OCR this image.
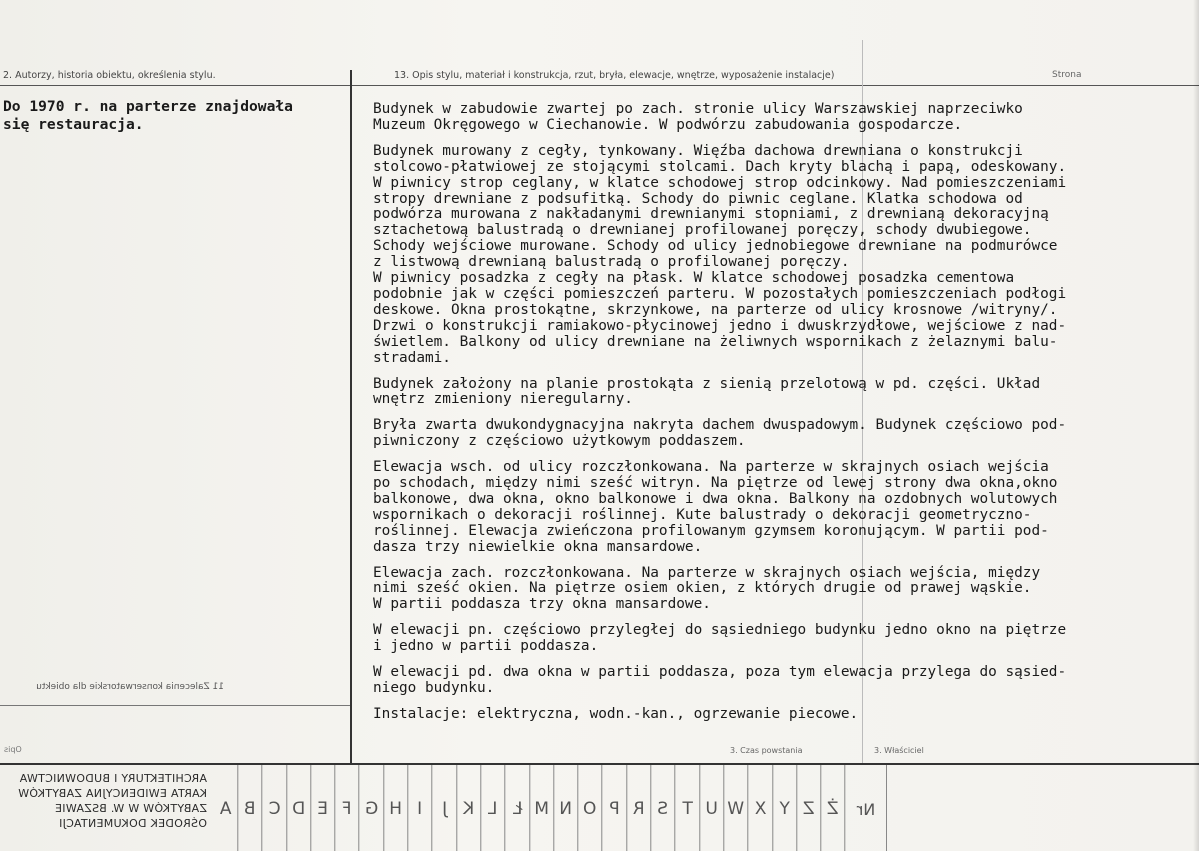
2. Autorzy, historia obiektu, określenia stylu.	13. Opis stylu, materiał i konstrukcja, rzut, bryła, elewacje, wnętrze, wyposażenie instalacje)	Strona
Do 1970 r. na parterze znajdowała
się restauracja.

Budynek w zabudowie zwartej po zach. stronie ulicy Warszawskiej naprzeciwko
Muzeum Okręgowego w Ciechanowie. W podwórzu zabudowania gospodarcze.

Budynek murowany z cegły, tynkowany. Więźba dachowa drewniana o konstrukcji
stolcowo-płatwiowej ze stojącymi stolcami. Dach kryty blachą i papą, odeskowany.
W piwnicy strop ceglany, w klatce schodowej strop odcinkowy. Nad pomieszczeniami
stropy drewniane z podsufitką. Schody do piwnic ceglane. Klatka schodowa od
podwórza murowana z nakładanymi drewnianymi stopniami, z drewnianą dekoracyjną
sztachetową balustradą o drewnianej profilowanej poręczy, schody dwubiegowe.
Schody wejściowe murowane. Schody od ulicy jednobiegowe drewniane na podmurówce
z listwową drewnianą balustradą o profilowanej poręczy.
W piwnicy posadzka z cegły na płask. W klatce schodowej posadzka cementowa
podobnie jak w części pomieszczeń parteru. W pozostałych pomieszczeniach podłogi
deskowe. Okna prostokątne, skrzynkowe, na parterze od ulicy krosnowe /witryny/.
Drzwi o konstrukcji ramiakowo-płycinowej jedno i dwuskrzydłowe, wejściowe z nad-
świetlem. Balkony od ulicy drewniane na żeliwnych wspornikach z żelaznymi balu-
stradami.

Budynek założony na planie prostokąta z sienią przelotową w pd. części. Układ
wnętrz zmieniony nieregularny.

Bryła zwarta dwukondygnacyjna nakryta dachem dwuspadowym. Budynek częściowo pod-
piwniczony z częściowo użytkowym poddaszem.

Elewacja wsch. od ulicy rozczłonkowana. Na parterze w skrajnych osiach wejścia
po schodach, między nimi sześć witryn. Na piętrze od lewej strony dwa okna,okno
balkonowe, dwa okna, okno balkonowe i dwa okna. Balkony na ozdobnych wolutowych
wspornikach o dekoracji roślinnej. Kute balustrady o dekoracji geometryczno-
roślinnej. Elewacja zwieńczona profilowanym gzymsem koronującym. W partii pod-
dasza trzy niewielkie okna mansardowe.

Elewacja zach. rozczłonkowana. Na parterze w skrajnych osiach wejścia, między
nimi sześć okien. Na piętrze osiem okien, z których drugie od prawej wąskie.
W partii poddasza trzy okna mansardowe.

W elewacji pn. częściowo przyległej do sąsiedniego budynku jedno okno na piętrze
i jedno w partii poddasza.

W elewacji pd. dwa okna w partii poddasza, poza tym elewacja przylega do sąsied-
niego budynku.

Instalacje: elektryczna, wodn.-kan., ogrzewanie piecowe.

11 Zalecenia konserwatorskie dla obiektu
Opis	3. Czas powstania	3. Właściciel
ARCHITEKTURY I BUDOWNICTWA
KARTA EWIDENCYJNA ZABYTKÓW
ZABYTKÓW W W. BSZAWIE
OŚRODEK DOKUMENTACJI
A B C D E F G H I	J K L Ł M N O P R S T U W X Y Z Ż	Nr
